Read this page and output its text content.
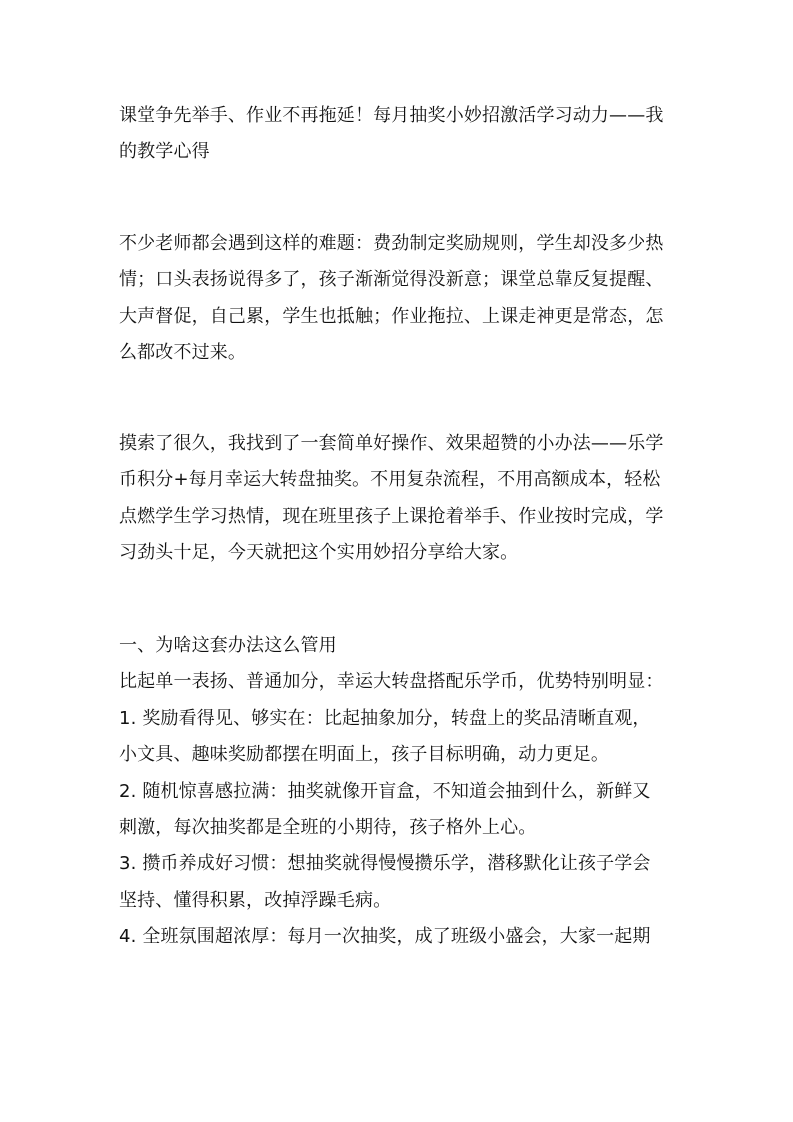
课堂争先举手、作业不再拖延！每月抽奖小妙招激活学习动力——我
的教学心得
不少老师都会遇到这样的难题：费劲制定奖励规则，学生却没多少热
情；口头表扬说得多了，孩子渐渐觉得没新意；课堂总靠反复提醒、
大声督促，自己累，学生也抵触；作业拖拉、上课走神更是常态，怎
么都改不过来。
摸索了很久，我找到了一套简单好操作、效果超赞的小办法——乐学
币积分+每月幸运大转盘抽奖。不用复杂流程，不用高额成本，轻松
点燃学生学习热情，现在班里孩子上课抢着举手、作业按时完成，学
习劲头十足，今天就把这个实用妙招分享给大家。
一、为啥这套办法这么管用
比起单一表扬、普通加分，幸运大转盘搭配乐学币，优势特别明显：
1. 奖励看得见、够实在：比起抽象加分，转盘上的奖品清晰直观，
小文具、趣味奖励都摆在明面上，孩子目标明确，动力更足。
2. 随机惊喜感拉满：抽奖就像开盲盒，不知道会抽到什么，新鲜又
刺激，每次抽奖都是全班的小期待，孩子格外上心。
3. 攒币养成好习惯：想抽奖就得慢慢攒乐学，潜移默化让孩子学会
坚持、懂得积累，改掉浮躁毛病。
4. 全班氛围超浓厚：每月一次抽奖，成了班级小盛会，大家一起期
